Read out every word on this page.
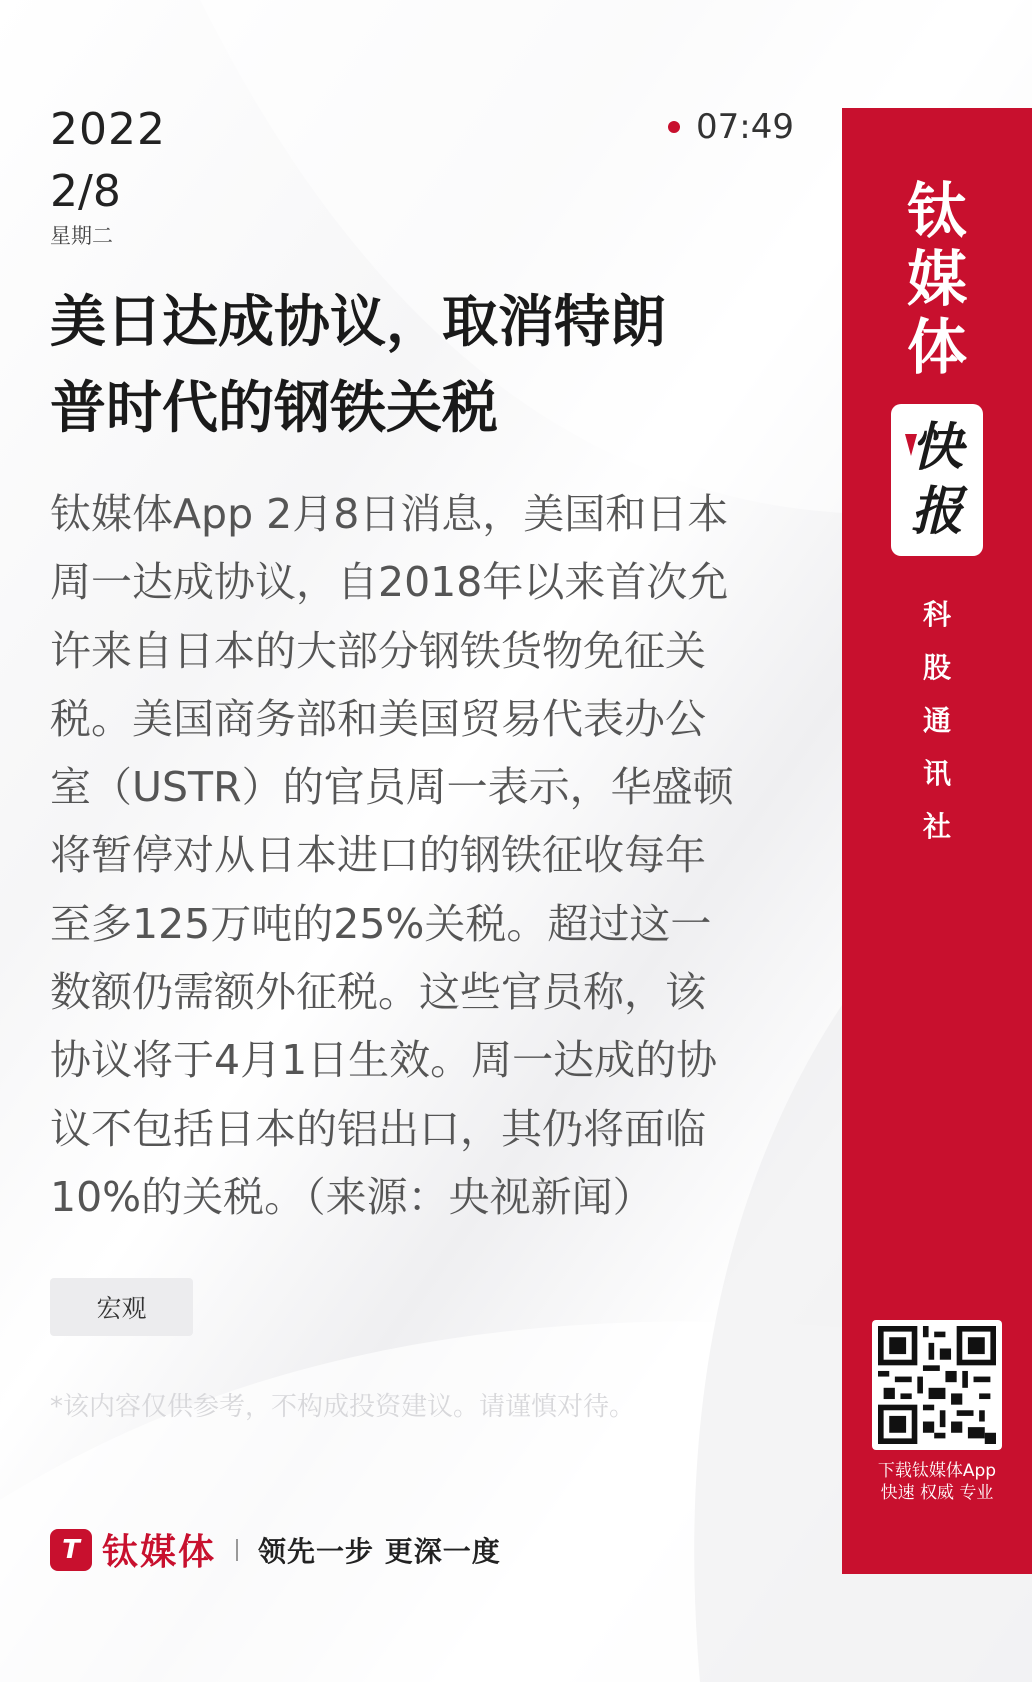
2022
2/8
星期二
07:49
美日达成协议，取消特朗
普时代的钢铁关税
钛媒体App 2月8日消息，美国和日本
周一达成协议，自2018年以来首次允
许来自日本的大部分钢铁货物免征关
税。美国商务部和美国贸易代表办公
室（USTR）的官员周一表示，华盛顿
将暂停对从日本进口的钢铁征收每年
至多125万吨的25%关税。超过这一
数额仍需额外征税。这些官员称，该
协议将于4月1日生效。周一达成的协
议不包括日本的铝出口，其仍将面临
10%的关税。（来源：央视新闻）
宏观
*该内容仅供参考，不构成投资建议。请谨慎对待。
T 钛媒体 领先一步 更深一度
钛
媒
体
快
报
科
股
通
讯
社
下载钛媒体App
快速 权威 专业
